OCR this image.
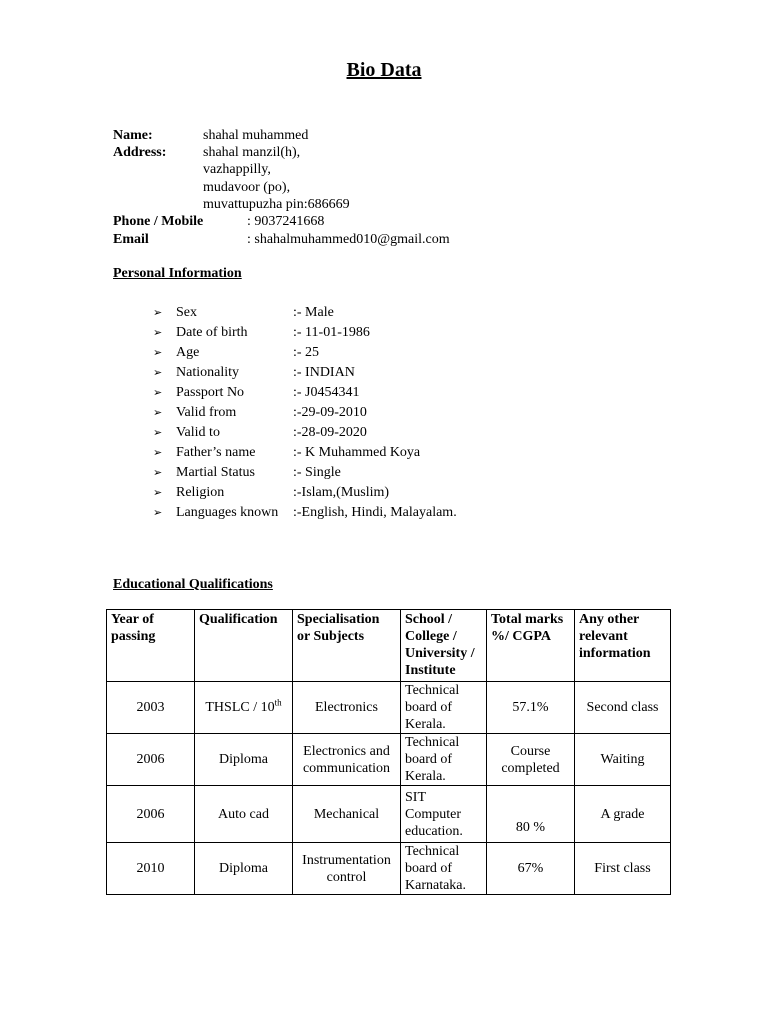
Bio Data
Name:	shahal muhammed
Address:	shahal manzil(h),
vazhappilly,
mudavoor (po),
muvattupuzha pin:686669
Phone / Mobile	: 9037241668
Email	: shahalmuhammed010@gmail.com
Personal Information
➢ Sex	:- Male
➢ Date of birth	:- 11-01-1986
➢ Age	:- 25
➢ Nationality	:- INDIAN
➢ Passport No	:- J0454341
➢ Valid from	:-29-09-2010
➢ Valid to	:-28-09-2020
➢ Father’s name	:- K Muhammed Koya
➢ Martial Status	:- Single
➢ Religion	:-Islam,(Muslim)
➢ Languages known :-English, Hindi, Malayalam.
Educational Qualifications
Year of passing	Qualification	Specialisation or Subjects	School / College / University / Institute	Total marks %/ CGPA	Any other relevant information
2003	THSLC / 10th	Electronics	Technical board of Kerala.	57.1%	Second class
2006	Diploma	Electronics and communication	Technical board of Kerala.	Course completed	Waiting
2006	Auto cad	Mechanical	SIT Computer education.	80 %	A grade
2010	Diploma	Instrumentation control	Technical board of Karnataka.	67%	First class
